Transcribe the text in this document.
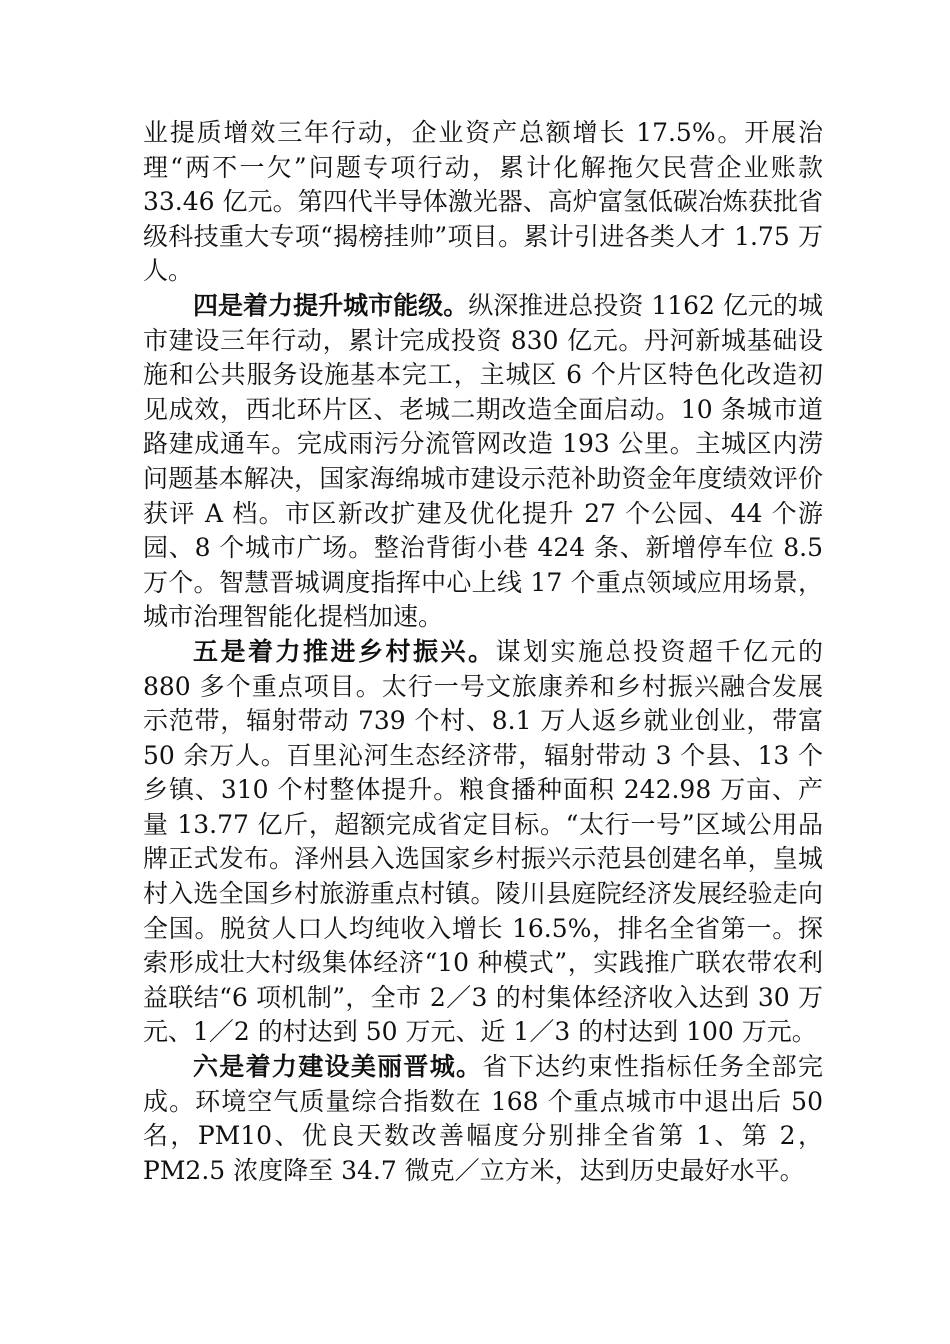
业提质增效三年行动，企业资产总额增长 17.5%。开展治理“两不一欠”问题专项行动，累计化解拖欠民营企业账款 33.46 亿元。第四代半导体激光器、高炉富氢低碳冶炼获批省级科技重大专项“揭榜挂帅”项目。累计引进各类人才 1.75 万人。

四是着力提升城市能级。纵深推进总投资 1162 亿元的城市建设三年行动，累计完成投资 830 亿元。丹河新城基础设施和公共服务设施基本完工，主城区 6 个片区特色化改造初见成效，西北环片区、老城二期改造全面启动。10 条城市道路建成通车。完成雨污分流管网改造 193 公里。主城区内涝问题基本解决，国家海绵城市建设示范补助资金年度绩效评价获评 A 档。市区新改扩建及优化提升 27 个公园、44 个游园、8 个城市广场。整治背街小巷 424 条、新增停车位 8.5 万个。智慧晋城调度指挥中心上线 17 个重点领域应用场景，城市治理智能化提档加速。

五是着力推进乡村振兴。谋划实施总投资超千亿元的 880 多个重点项目。太行一号文旅康养和乡村振兴融合发展示范带，辐射带动 739 个村、8.1 万人返乡就业创业，带富 50 余万人。百里沁河生态经济带，辐射带动 3 个县、13 个乡镇、310 个村整体提升。粮食播种面积 242.98 万亩、产量 13.77 亿斤，超额完成省定目标。“太行一号”区域公用品牌正式发布。泽州县入选国家乡村振兴示范县创建名单，皇城村入选全国乡村旅游重点村镇。陵川县庭院经济发展经验走向全国。脱贫人口人均纯收入增长 16.5%，排名全省第一。探索形成壮大村级集体经济“10 种模式”，实践推广联农带农利益联结“6 项机制”，全市 2／3 的村集体经济收入达到 30 万元、1／2 的村达到 50 万元、近 1／3 的村达到 100 万元。

六是着力建设美丽晋城。省下达约束性指标任务全部完成。环境空气质量综合指数在 168 个重点城市中退出后 50 名，PM10、优良天数改善幅度分别排全省第 1、第 2，PM2.5 浓度降至 34.7 微克／立方米，达到历史最好水平。
